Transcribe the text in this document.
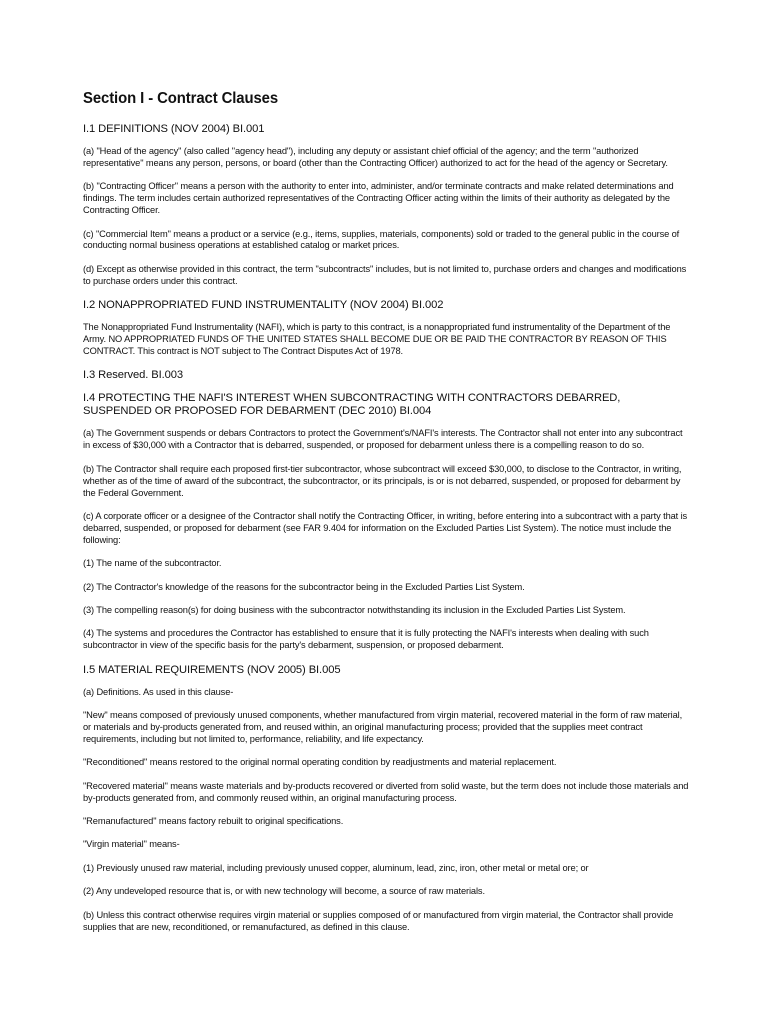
Section I - Contract Clauses
I.1 DEFINITIONS (NOV 2004) BI.001
(a) "Head of the agency" (also called "agency head"), including any deputy or assistant chief official of the agency; and the term "authorized representative" means any person, persons, or board (other than the Contracting Officer) authorized to act for the head of the agency or Secretary.
(b) "Contracting Officer" means a person with the authority to enter into, administer, and/or terminate contracts and make related determinations and findings. The term includes certain authorized representatives of the Contracting Officer acting within the limits of their authority as delegated by the Contracting Officer.
(c) "Commercial Item" means a product or a service (e.g., items, supplies, materials, components) sold or traded to the general public in the course of conducting normal business operations at established catalog or market prices.
(d) Except as otherwise provided in this contract, the term "subcontracts" includes, but is not limited to, purchase orders and changes and modifications to purchase orders under this contract.
I.2 NONAPPROPRIATED FUND INSTRUMENTALITY (NOV 2004) BI.002
The Nonappropriated Fund Instrumentality (NAFI), which is party to this contract, is a nonappropriated fund instrumentality of the Department of the Army. NO APPROPRIATED FUNDS OF THE UNITED STATES SHALL BECOME DUE OR BE PAID THE CONTRACTOR BY REASON OF THIS CONTRACT. This contract is NOT subject to The Contract Disputes Act of 1978.
I.3 Reserved. BI.003
I.4 PROTECTING THE NAFI'S INTEREST WHEN SUBCONTRACTING WITH CONTRACTORS DEBARRED, SUSPENDED OR PROPOSED FOR DEBARMENT (DEC 2010) BI.004
(a) The Government suspends or debars Contractors to protect the Government's/NAFI's interests. The Contractor shall not enter into any subcontract in excess of $30,000 with a Contractor that is debarred, suspended, or proposed for debarment unless there is a compelling reason to do so.
(b) The Contractor shall require each proposed first-tier subcontractor, whose subcontract will exceed $30,000, to disclose to the Contractor, in writing, whether as of the time of award of the subcontract, the subcontractor, or its principals, is or is not debarred, suspended, or proposed for debarment by the Federal Government.
(c) A corporate officer or a designee of the Contractor shall notify the Contracting Officer, in writing, before entering into a subcontract with a party that is debarred, suspended, or proposed for debarment (see FAR 9.404 for information on the Excluded Parties List System). The notice must include the following:
(1) The name of the subcontractor.
(2) The Contractor's knowledge of the reasons for the subcontractor being in the Excluded Parties List System.
(3) The compelling reason(s) for doing business with the subcontractor notwithstanding its inclusion in the Excluded Parties List System.
(4) The systems and procedures the Contractor has established to ensure that it is fully protecting the NAFI's interests when dealing with such subcontractor in view of the specific basis for the party's debarment, suspension, or proposed debarment.
I.5 MATERIAL REQUIREMENTS (NOV 2005) BI.005
(a) Definitions. As used in this clause-
"New" means composed of previously unused components, whether manufactured from virgin material, recovered material in the form of raw material, or materials and by-products generated from, and reused within, an original manufacturing process; provided that the supplies meet contract requirements, including but not limited to, performance, reliability, and life expectancy.
"Reconditioned" means restored to the original normal operating condition by readjustments and material replacement.
"Recovered material" means waste materials and by-products recovered or diverted from solid waste, but the term does not include those materials and by-products generated from, and commonly reused within, an original manufacturing process.
"Remanufactured" means factory rebuilt to original specifications.
"Virgin material" means-
(1) Previously unused raw material, including previously unused copper, aluminum, lead, zinc, iron, other metal or metal ore; or
(2) Any undeveloped resource that is, or with new technology will become, a source of raw materials.
(b) Unless this contract otherwise requires virgin material or supplies composed of or manufactured from virgin material, the Contractor shall provide supplies that are new, reconditioned, or remanufactured, as defined in this clause.
